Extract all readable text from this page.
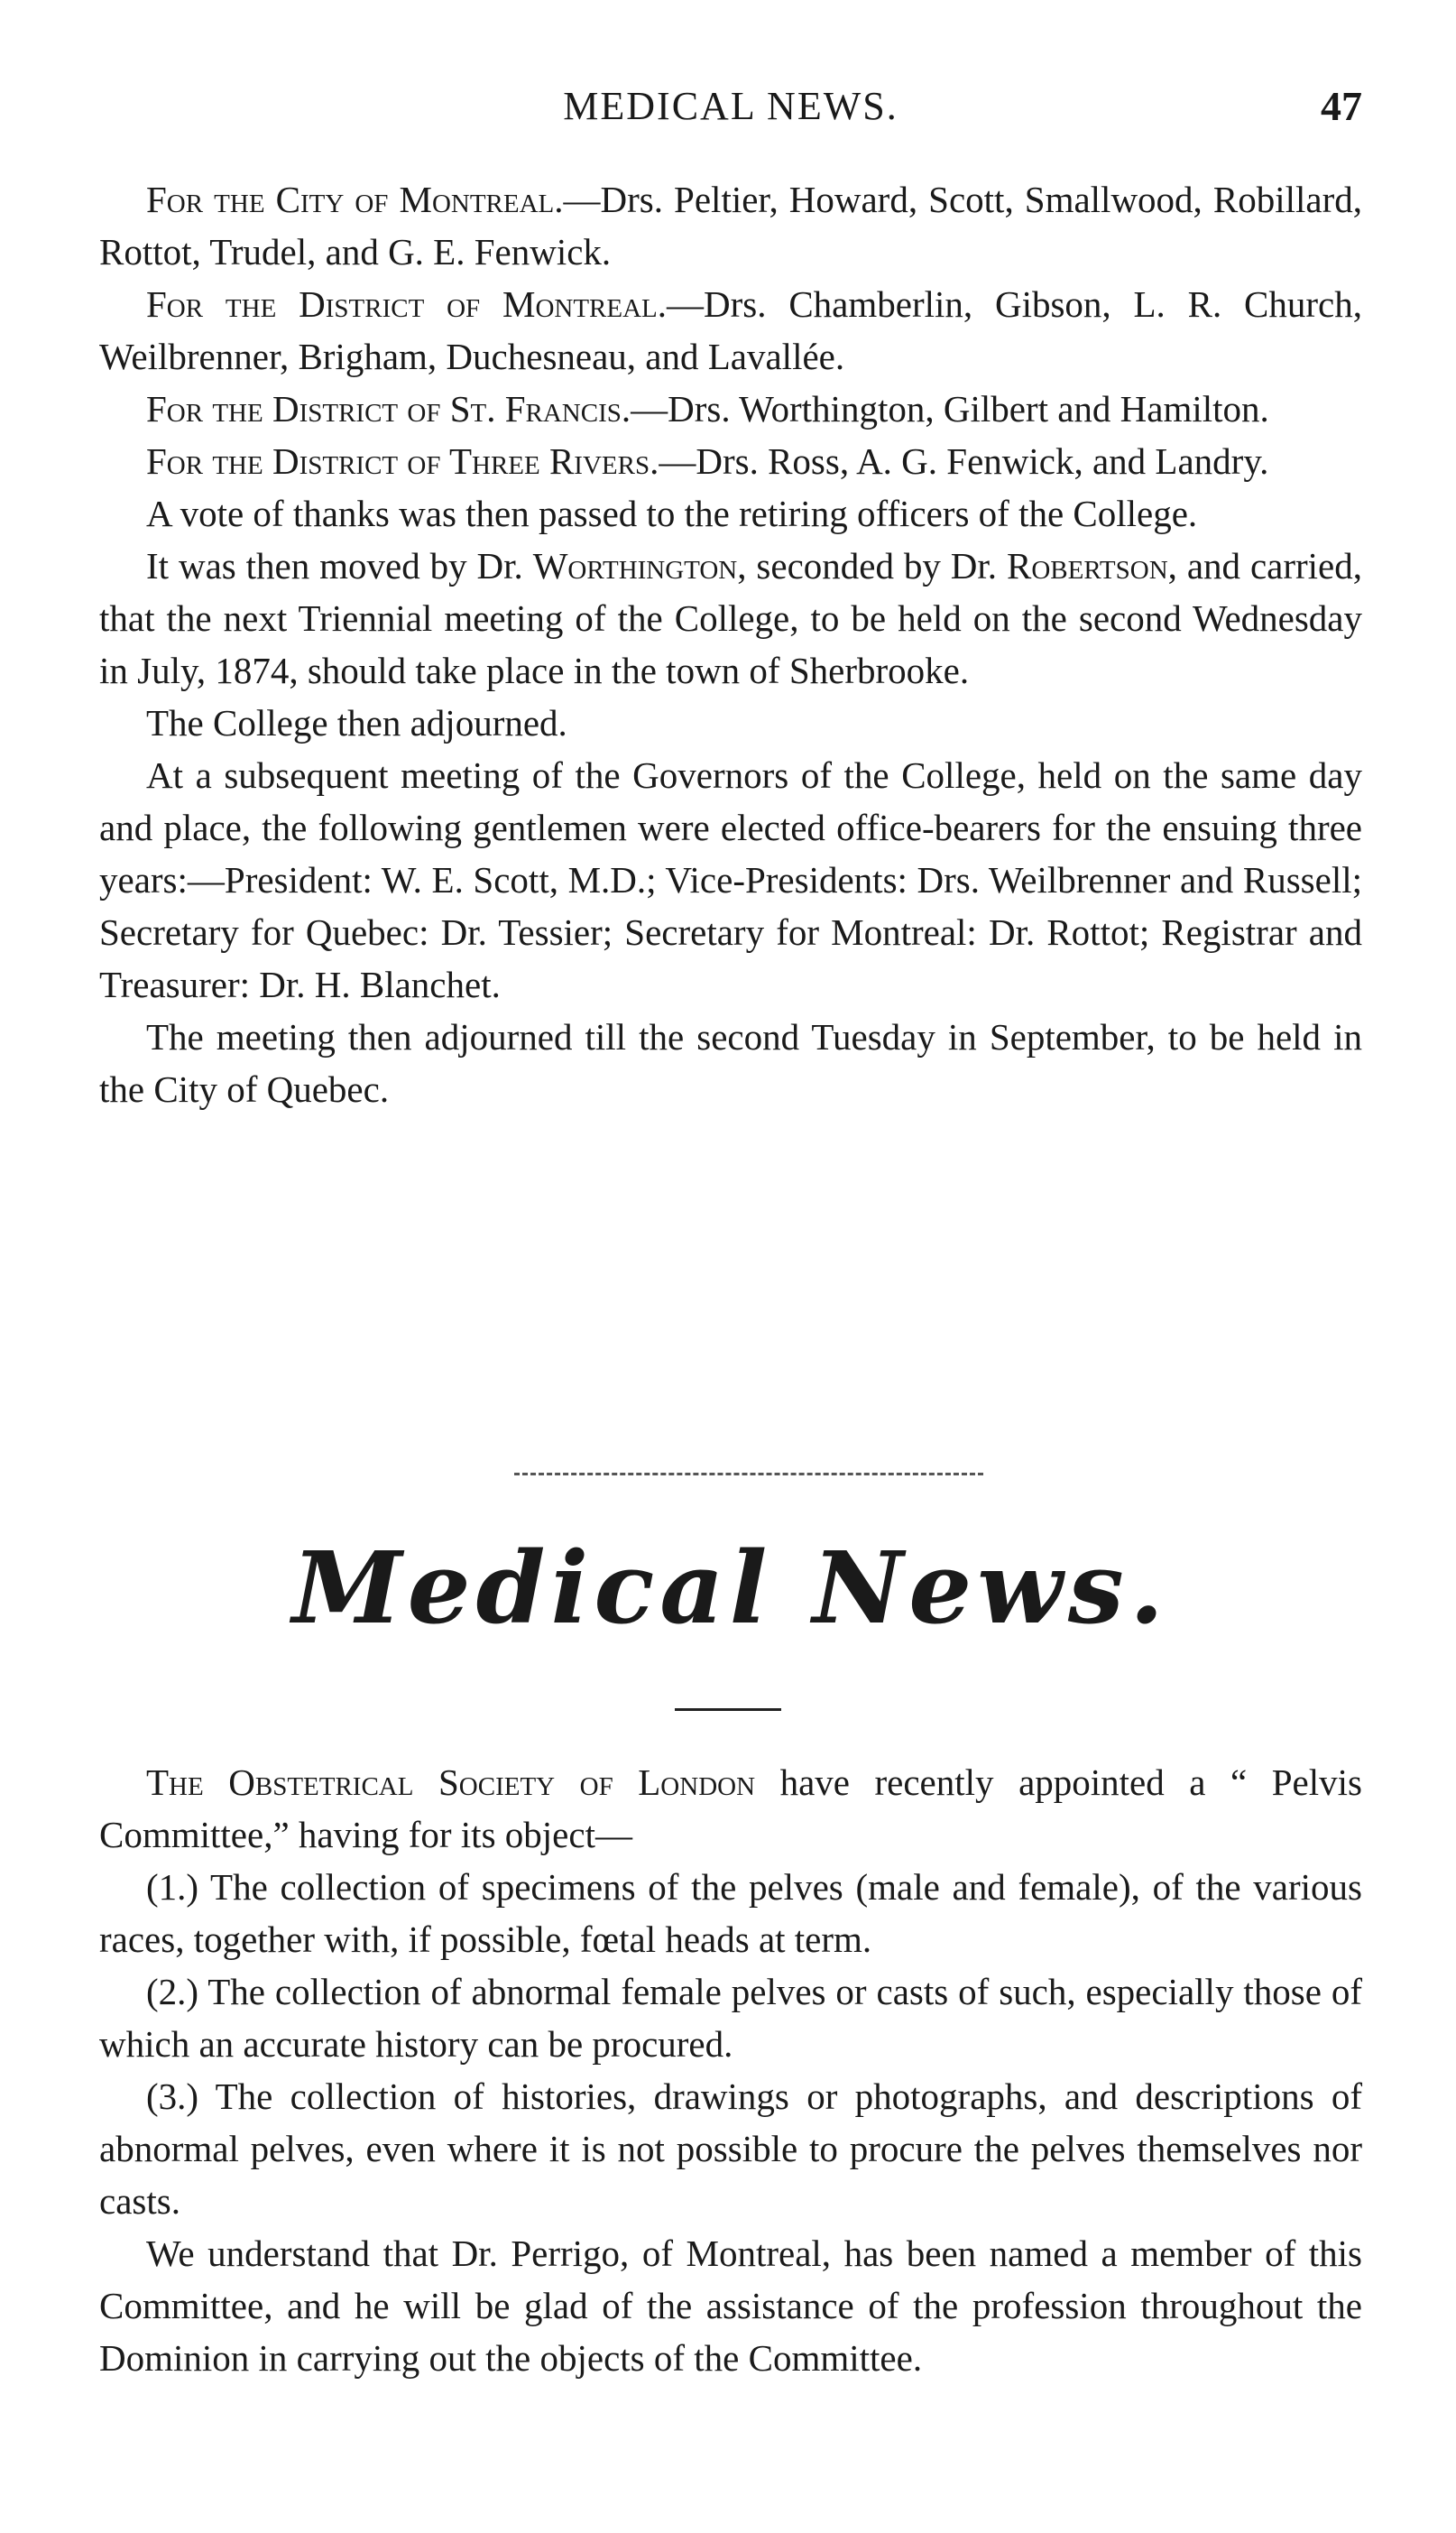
MEDICAL NEWS.	47

For the City of Montreal.—Drs. Peltier, Howard, Scott, Smallwood, Robillard, Rottot, Trudel, and G. E. Fenwick.

For the District of Montreal.—Drs. Chamberlin, Gibson, L. R. Church, Weilbrenner, Brigham, Duchesneau, and Lavallée.

For the District of St. Francis.—Drs. Worthington, Gilbert and Hamilton.

For the District of Three Rivers.—Drs. Ross, A. G. Fenwick, and Landry.

A vote of thanks was then passed to the retiring officers of the College.

It was then moved by Dr. Worthington, seconded by Dr. Robertson, and carried, that the next Triennial meeting of the College, to be held on the second Wednesday in July, 1874, should take place in the town of Sherbrooke.

The College then adjourned.

At a subsequent meeting of the Governors of the College, held on the same day and place, the following gentlemen were elected office-bearers for the ensuing three years:—President: W. E. Scott, M.D.; Vice-Presidents: Drs. Weilbrenner and Russell; Secretary for Quebec: Dr. Tessier; Secretary for Montreal: Dr. Rottot; Registrar and Treasurer: Dr. H. Blanchet.

The meeting then adjourned till the second Tuesday in September, to be held in the City of Quebec.

Medical News.

The Obstetrical Society of London have recently appointed a “ Pelvis Committee,” having for its object—

(1.) The collection of specimens of the pelves (male and female), of the various races, together with, if possible, fœtal heads at term.

(2.) The collection of abnormal female pelves or casts of such, especially those of which an accurate history can be procured.

(3.) The collection of histories, drawings or photographs, and descriptions of abnormal pelves, even where it is not possible to procure the pelves themselves nor casts.

We understand that Dr. Perrigo, of Montreal, has been named a member of this Committee, and he will be glad of the assistance of the profession throughout the Dominion in carrying out the objects of the Committee.
